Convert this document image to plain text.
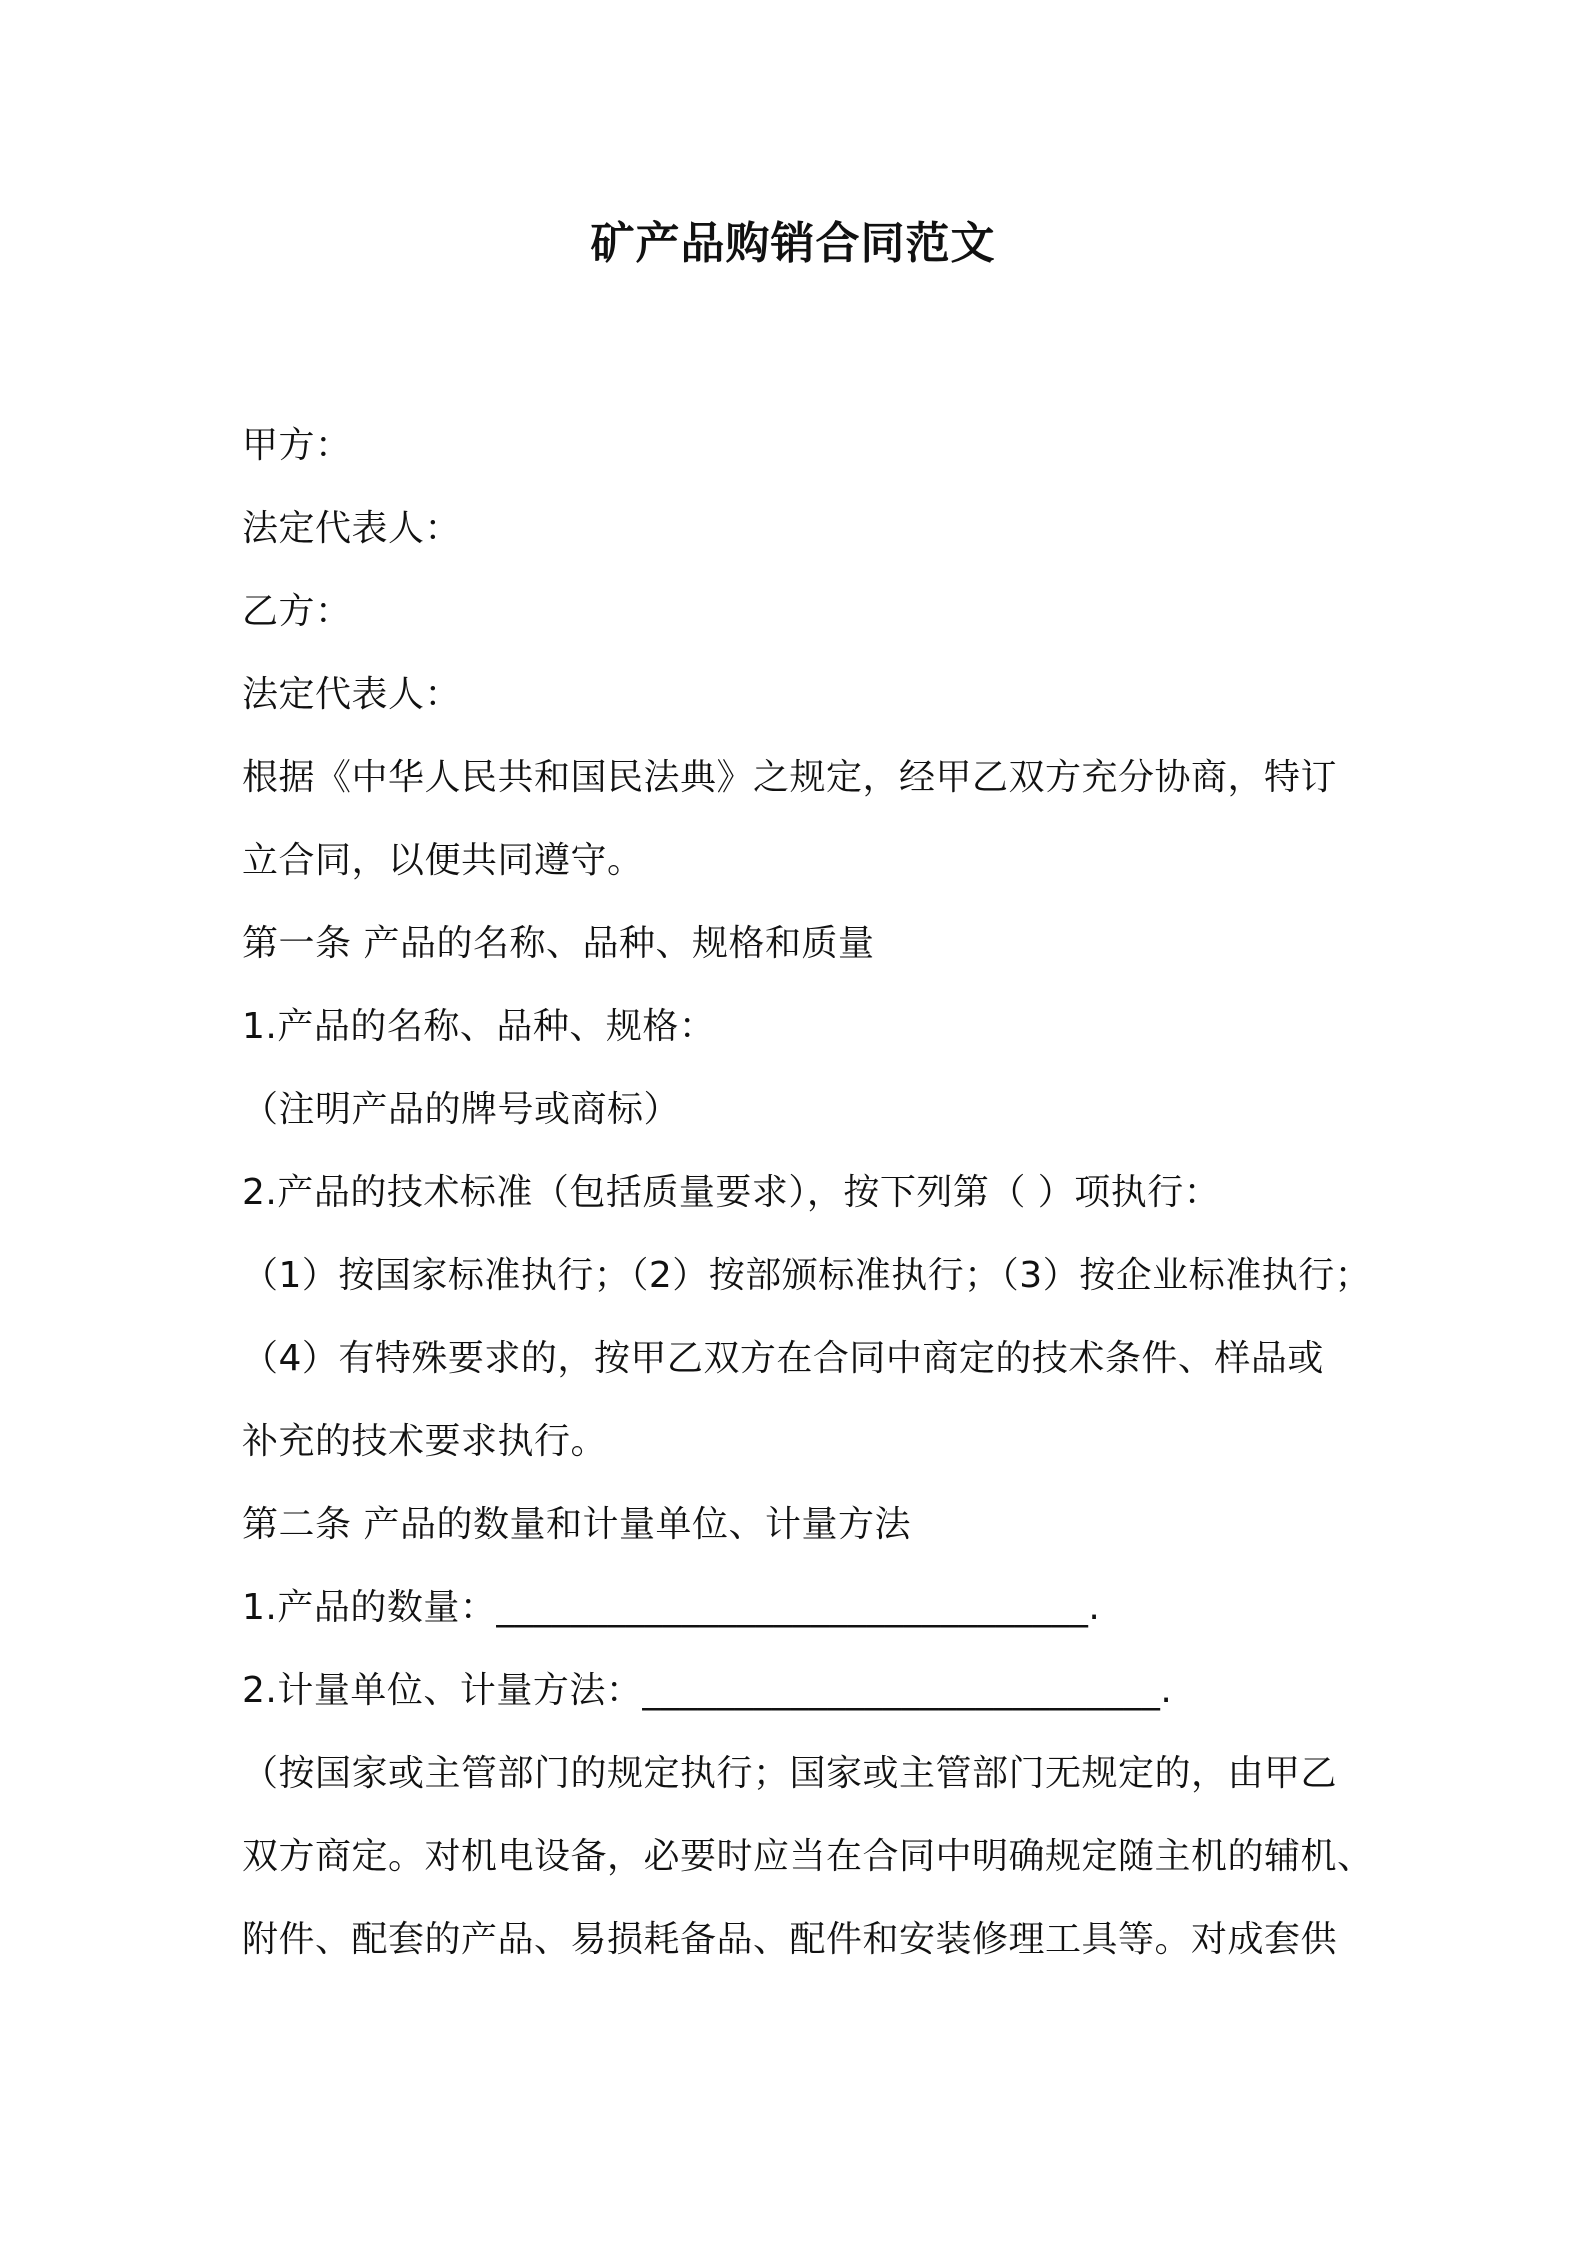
矿产品购销合同范文
甲方：
法定代表人：
乙方：
法定代表人：
根据《中华人民共和国民法典》之规定，经甲乙双方充分协商，特订
立合同，以便共同遵守。
第一条 产品的名称、品种、规格和质量
1.产品的名称、品种、规格：
（注明产品的牌号或商标）
2.产品的技术标准（包括质量要求），按下列第（ ）项执行：
（1）按国家标准执行；（2）按部颁标准执行；（3）按企业标准执行；
（4）有特殊要求的，按甲乙双方在合同中商定的技术条件、样品或
补充的技术要求执行。
第二条 产品的数量和计量单位、计量方法
1.产品的数量：________________________________.
2.计量单位、计量方法：____________________________.
（按国家或主管部门的规定执行；国家或主管部门无规定的，由甲乙
双方商定。对机电设备，必要时应当在合同中明确规定随主机的辅机、
附件、配套的产品、易损耗备品、配件和安装修理工具等。对成套供
